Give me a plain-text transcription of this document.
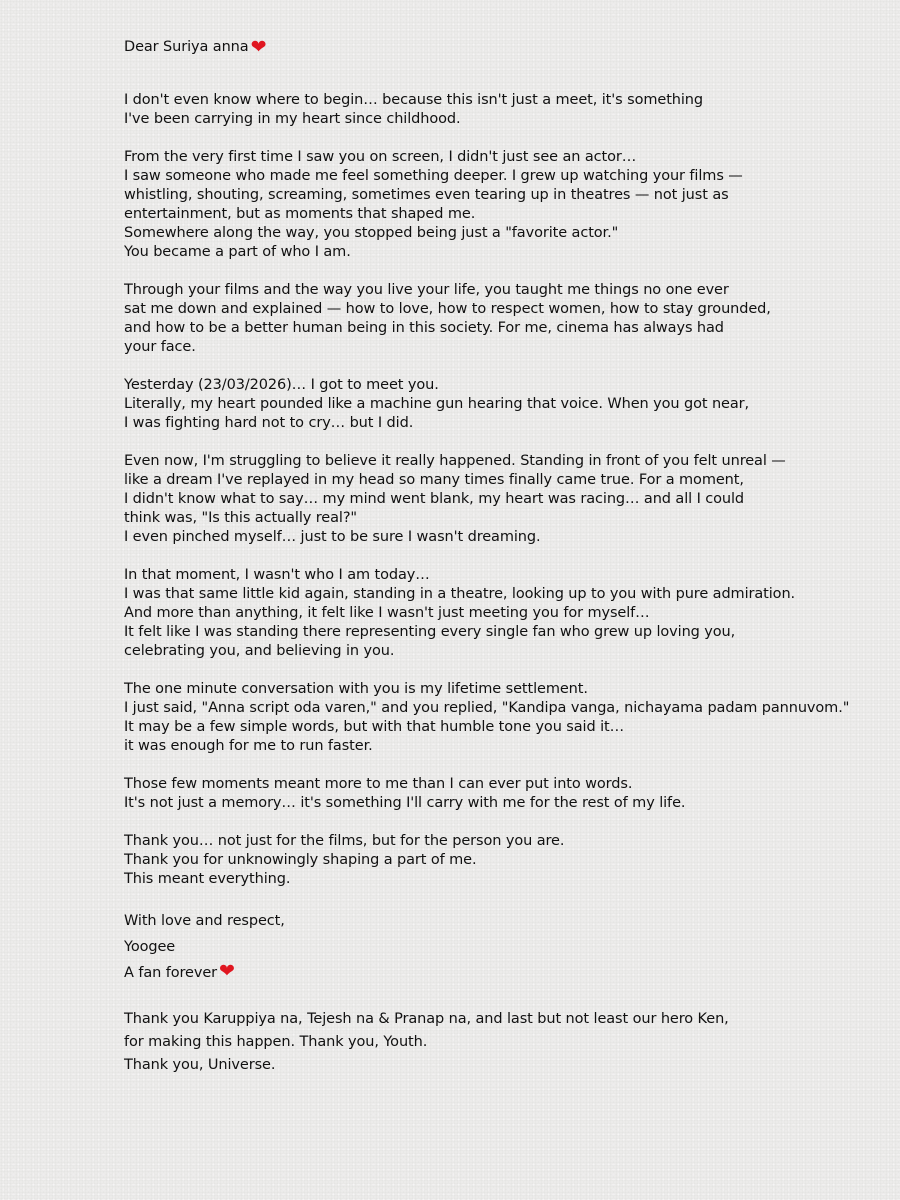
Dear Suriya anna ❤
I don't even know where to begin… because this isn't just a meet, it's something
I've been carrying in my heart since childhood.
From the very first time I saw you on screen, I didn't just see an actor…
I saw someone who made me feel something deeper. I grew up watching your films —
whistling, shouting, screaming, sometimes even tearing up in theatres — not just as
entertainment, but as moments that shaped me.
Somewhere along the way, you stopped being just a "favorite actor."
You became a part of who I am.
Through your films and the way you live your life, you taught me things no one ever
sat me down and explained — how to love, how to respect women, how to stay grounded,
and how to be a better human being in this society. For me, cinema has always had
your face.
Yesterday (23/03/2026)… I got to meet you.
Literally, my heart pounded like a machine gun hearing that voice. When you got near,
I was fighting hard not to cry… but I did.
Even now, I'm struggling to believe it really happened. Standing in front of you felt unreal —
like a dream I've replayed in my head so many times finally came true. For a moment,
I didn't know what to say… my mind went blank, my heart was racing… and all I could
think was, "Is this actually real?"
I even pinched myself… just to be sure I wasn't dreaming.
In that moment, I wasn't who I am today…
I was that same little kid again, standing in a theatre, looking up to you with pure admiration.
And more than anything, it felt like I wasn't just meeting you for myself…
It felt like I was standing there representing every single fan who grew up loving you,
celebrating you, and believing in you.
The one minute conversation with you is my lifetime settlement.
I just said, "Anna script oda varen," and you replied, "Kandipa vanga, nichayama padam pannuvom."
It may be a few simple words, but with that humble tone you said it…
it was enough for me to run faster.
Those few moments meant more to me than I can ever put into words.
It's not just a memory… it's something I'll carry with me for the rest of my life.
Thank you… not just for the films, but for the person you are.
Thank you for unknowingly shaping a part of me.
This meant everything.
With love and respect,
Yoogee
A fan forever ❤
Thank you Karuppiya na, Tejesh na & Pranap na, and last but not least our hero Ken,
for making this happen. Thank you, Youth.
Thank you, Universe.
